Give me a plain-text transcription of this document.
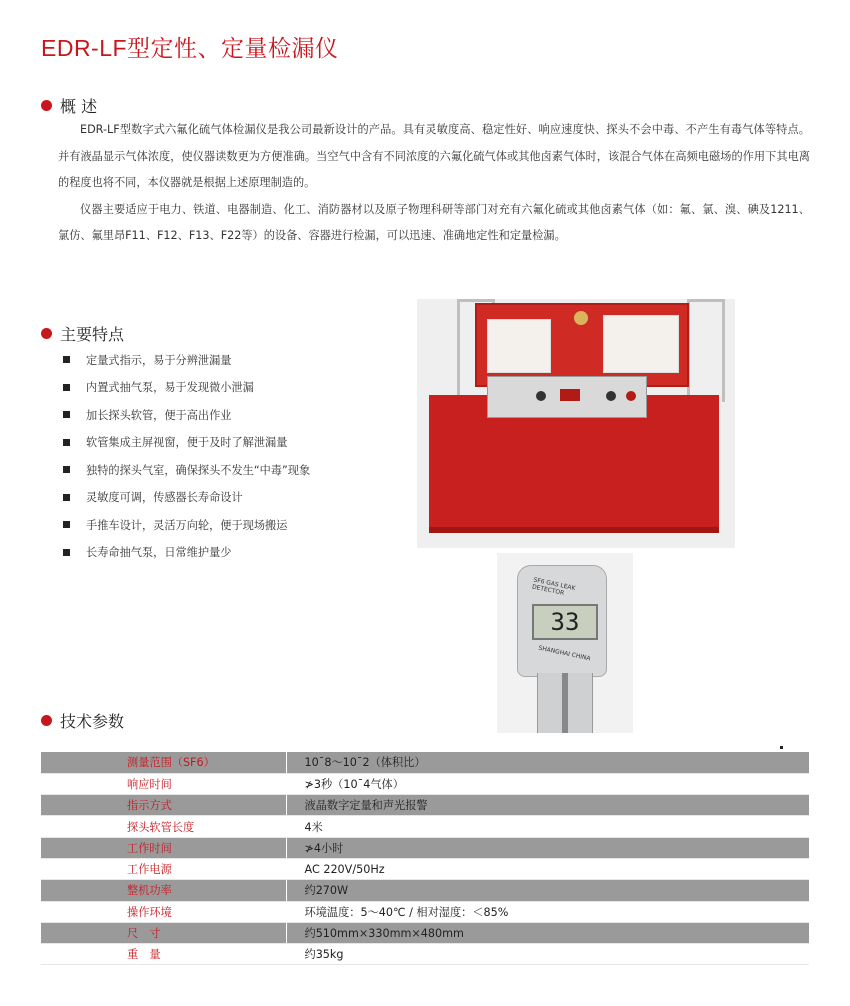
EDR-LF型定性、定量检漏仪
概 述
EDR-LF型数字式六氟化硫气体检漏仪是我公司最新设计的产品。具有灵敏度高、稳定性好、响应速度快、探头不会中毒、不产生有毒气体等特点。并有液晶显示气体浓度，使仪器读数更为方便准确。当空气中含有不同浓度的六氟化硫气体或其他卤素气体时，该混合气体在高频电磁场的作用下其电离的程度也将不同，本仪器就是根据上述原理制造的。
仪器主要适应于电力、铁道、电器制造、化工、消防器材以及原子物理科研等部门对充有六氟化硫或其他卤素气体（如：氟、氯、溴、碘及1211、氯仿、氟里昂F11、F12、F13、F22等）的设备、容器进行检漏，可以迅速、准确地定性和定量检漏。
主要特点
定量式指示，易于分辨泄漏量
内置式抽气泵，易于发现微小泄漏
加长探头软管，便于高出作业
软管集成主屏视窗，便于及时了解泄漏量
独特的探头气室，确保探头不发生“中毒”现象
灵敏度可调，传感器长寿命设计
手推车设计，灵活万向轮，便于现场搬运
长寿命抽气泵，日常维护量少
SF6 GAS LEAK DETECTOR
33
SHANGHAI CHINA
技术参数
测量范围（SF6）	10ˉ8～10ˉ2（体积比）
响应时间	≯3秒（10ˉ4气体）
指示方式	液晶数字定量和声光报警
探头软管长度	4米
工作时间	≯4小时
工作电源	AC 220V/50Hz
整机功率	约270W
操作环境	环境温度：5～40℃ / 相对湿度：＜85%
尺　寸	约510mm×330mm×480mm
重　量	约35kg
